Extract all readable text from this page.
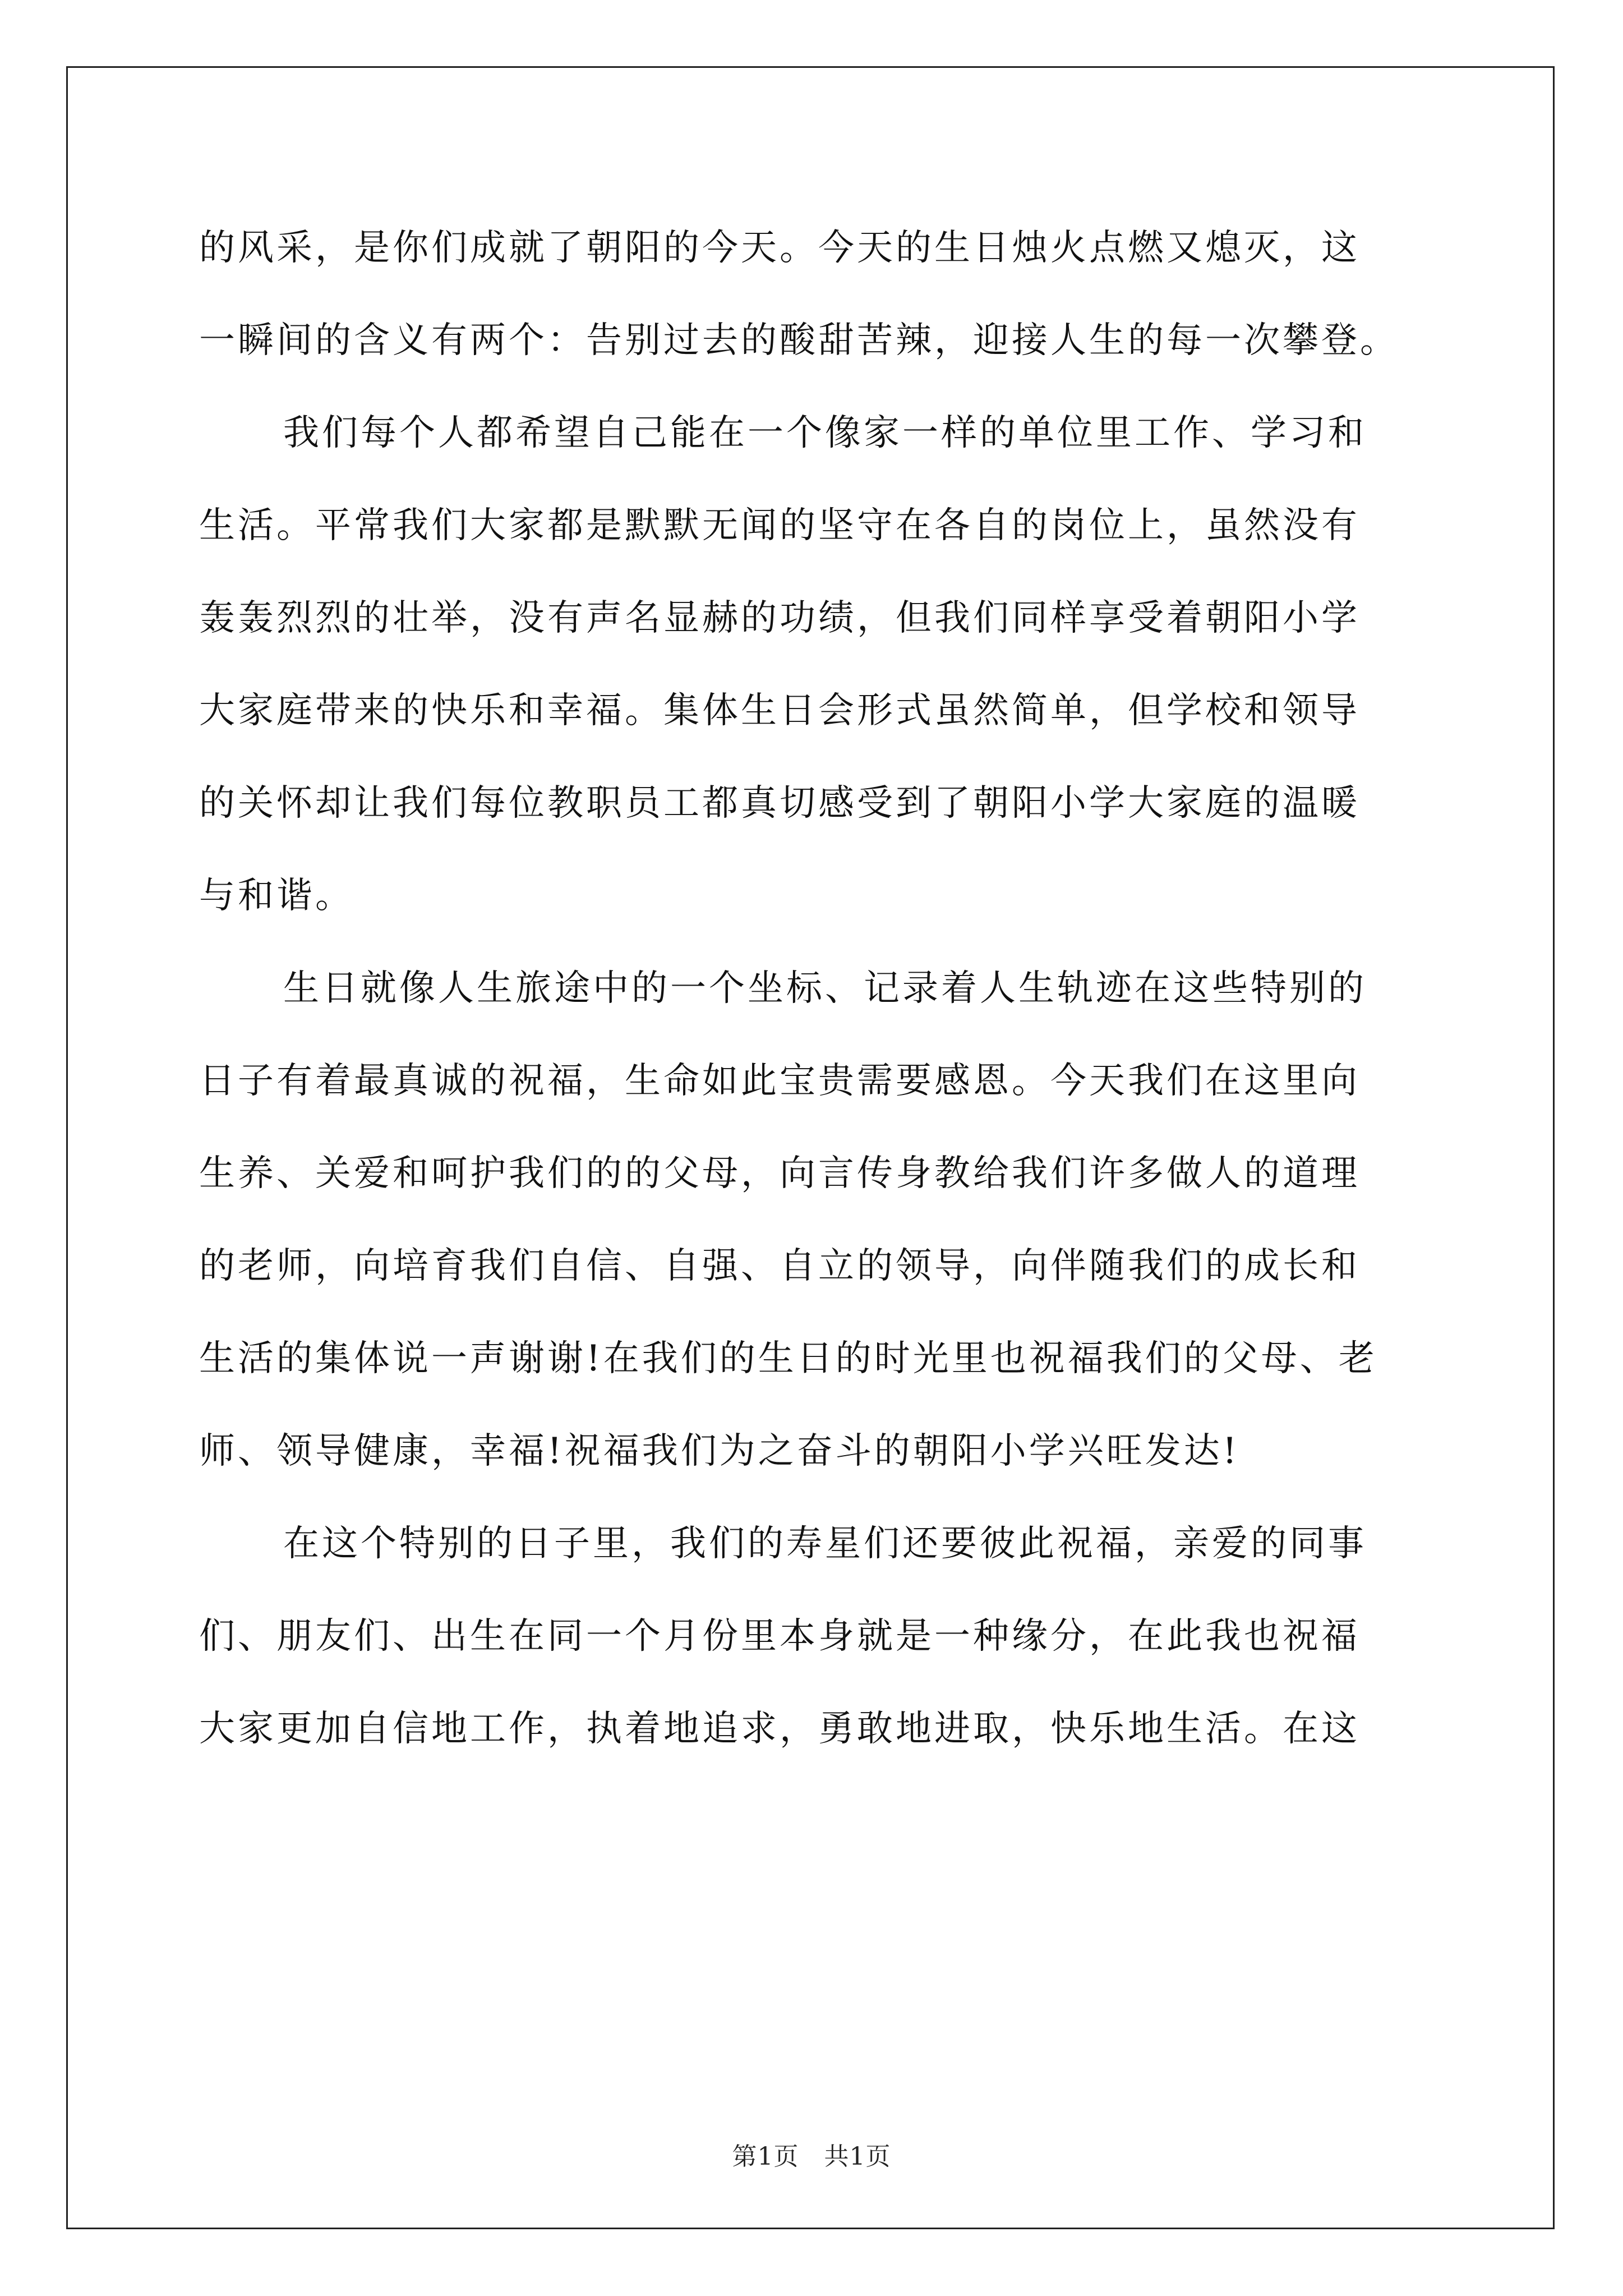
的风采，是你们成就了朝阳的今天。今天的生日烛火点燃又熄灭，这
一瞬间的含义有两个：告别过去的酸甜苦辣，迎接人生的每一次攀登。
我们每个人都希望自己能在一个像家一样的单位里工作、学习和
生活。平常我们大家都是默默无闻的坚守在各自的岗位上，虽然没有
轰轰烈烈的壮举，没有声名显赫的功绩，但我们同样享受着朝阳小学
大家庭带来的快乐和幸福。集体生日会形式虽然简单，但学校和领导
的关怀却让我们每位教职员工都真切感受到了朝阳小学大家庭的温暖
与和谐。
生日就像人生旅途中的一个坐标、记录着人生轨迹在这些特别的
日子有着最真诚的祝福，生命如此宝贵需要感恩。今天我们在这里向
生养、关爱和呵护我们的的父母，向言传身教给我们许多做人的道理
的老师，向培育我们自信、自强、自立的领导，向伴随我们的成长和
生活的集体说一声谢谢!在我们的生日的时光里也祝福我们的父母、老
师、领导健康，幸福!祝福我们为之奋斗的朝阳小学兴旺发达!
在这个特别的日子里，我们的寿星们还要彼此祝福，亲爱的同事
们、朋友们、出生在同一个月份里本身就是一种缘分，在此我也祝福
大家更加自信地工作，执着地追求，勇敢地进取，快乐地生活。在这
第1页　共1页
